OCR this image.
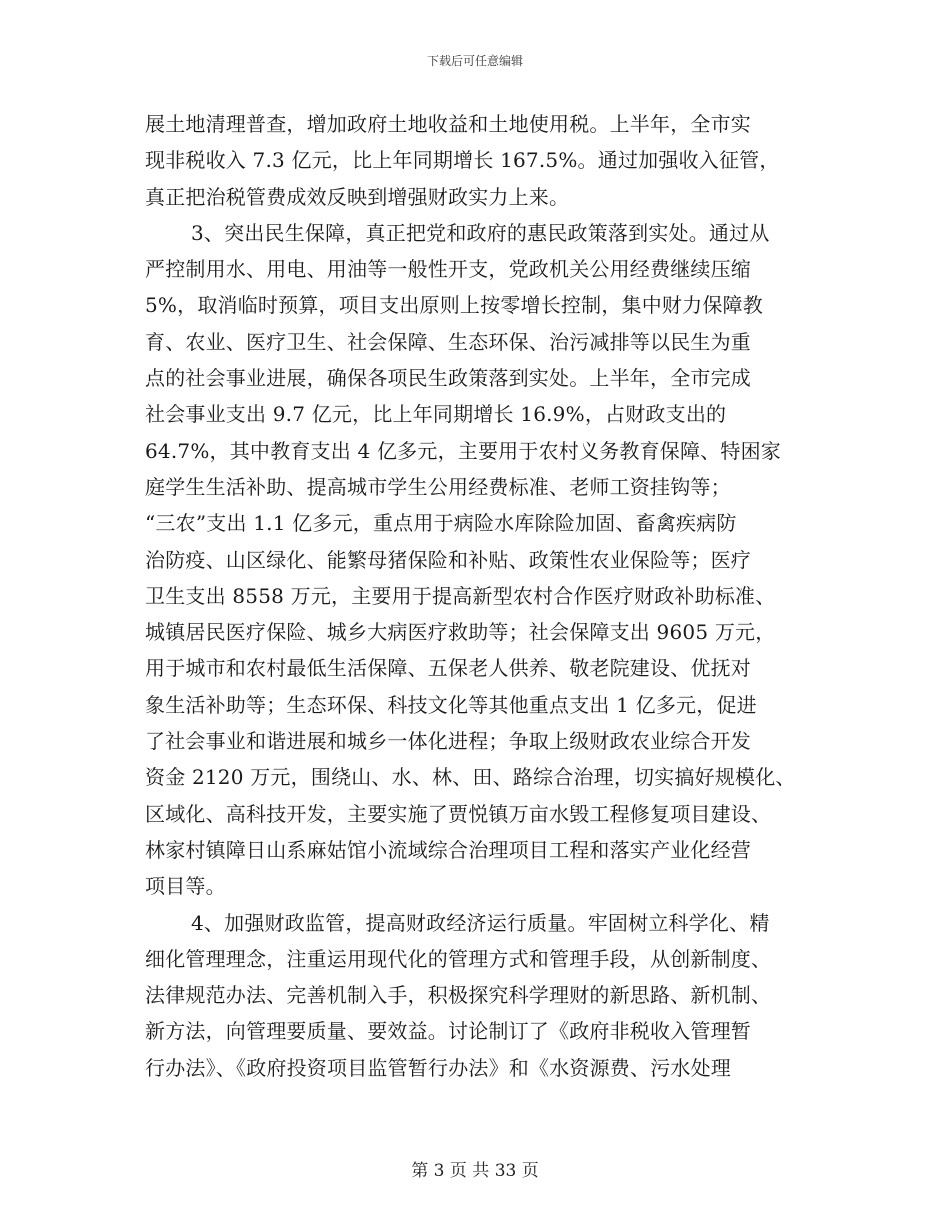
下载后可任意编辑
展土地清理普查，增加政府土地收益和土地使用税。上半年，全市实
现非税收入 7.3 亿元，比上年同期增长 167.5%。通过加强收入征管，
真正把治税管费成效反映到增强财政实力上来。
3、突出民生保障，真正把党和政府的惠民政策落到实处。通过从
严控制用水、用电、用油等一般性开支，党政机关公用经费继续压缩
5%，取消临时预算，项目支出原则上按零增长控制，集中财力保障教
育、农业、医疗卫生、社会保障、生态环保、治污减排等以民生为重
点的社会事业进展，确保各项民生政策落到实处。上半年，全市完成
社会事业支出 9.7 亿元，比上年同期增长 16.9%，占财政支出的
64.7%，其中教育支出 4 亿多元，主要用于农村义务教育保障、特困家
庭学生生活补助、提高城市学生公用经费标准、老师工资挂钩等；
“三农”支出 1.1 亿多元，重点用于病险水库除险加固、畜禽疾病防
治防疫、山区绿化、能繁母猪保险和补贴、政策性农业保险等；医疗
卫生支出 8558 万元，主要用于提高新型农村合作医疗财政补助标准、
城镇居民医疗保险、城乡大病医疗救助等；社会保障支出 9605 万元，
用于城市和农村最低生活保障、五保老人供养、敬老院建设、优抚对
象生活补助等；生态环保、科技文化等其他重点支出 1 亿多元，促进
了社会事业和谐进展和城乡一体化进程；争取上级财政农业综合开发
资金 2120 万元，围绕山、水、林、田、路综合治理，切实搞好规模化、
区域化、高科技开发，主要实施了贾悦镇万亩水毁工程修复项目建设、
林家村镇障日山系麻姑馆小流域综合治理项目工程和落实产业化经营
项目等。
4、加强财政监管，提高财政经济运行质量。牢固树立科学化、精
细化管理理念，注重运用现代化的管理方式和管理手段，从创新制度、
法律规范办法、完善机制入手，积极探究科学理财的新思路、新机制、
新方法，向管理要质量、要效益。讨论制订了《政府非税收入管理暂
行办法》、《政府投资项目监管暂行办法》和《水资源费、污水处理
第 3 页 共 33 页
